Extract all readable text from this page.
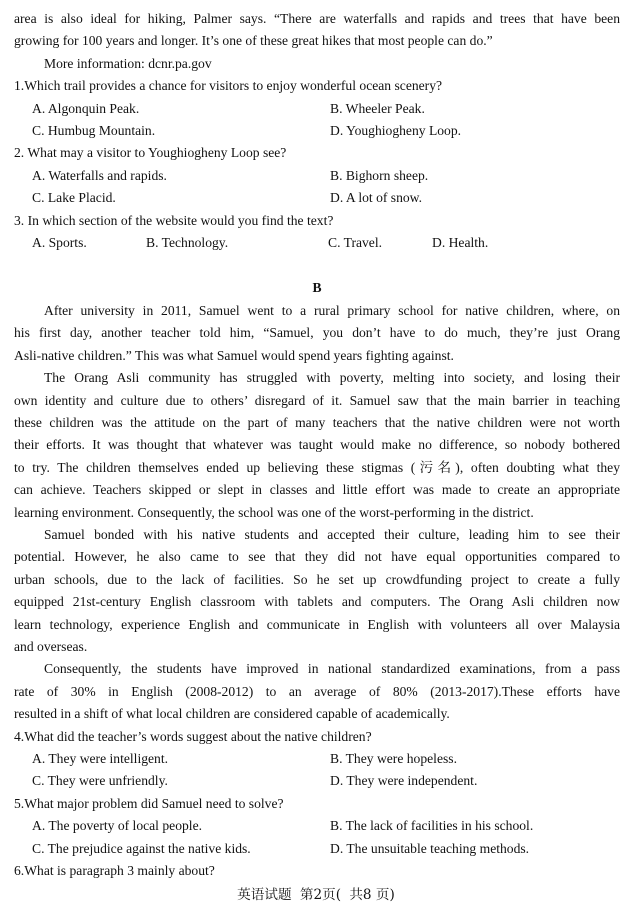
area is also ideal for hiking, Palmer says. “There are waterfalls and rapids and trees that have been
growing for 100 years and longer. It’s one of these great hikes that most people can do.”
More information: dcnr.pa.gov
1.Which trail provides a chance for visitors to enjoy wonderful ocean scenery?
A. Algonquin Peak.	B. Wheeler Peak.
C. Humbug Mountain.	D. Youghiogheny Loop.
2. What may a visitor to Youghiogheny Loop see?
A. Waterfalls and rapids.	B. Bighorn sheep.
C. Lake Placid.	D. A lot of snow.
3. In which section of the website would you find the text?
A. Sports.	B. Technology.	C. Travel.	D. Health.
B
After university in 2011, Samuel went to a rural primary school for native children, where, on
his first day, another teacher told him, “Samuel, you don’t have to do much, they’re just Orang
Asli-native children.” This was what Samuel would spend years fighting against.
The Orang Asli community has struggled with poverty, melting into society, and losing their
own identity and culture due to others’ disregard of it. Samuel saw that the main barrier in teaching
these children was the attitude on the part of many teachers that the native children were not worth
their efforts. It was thought that whatever was taught would make no difference, so nobody bothered
to try. The children themselves ended up believing these stigmas (污名), often doubting what they
can achieve. Teachers skipped or slept in classes and little effort was made to create an appropriate
learning environment. Consequently, the school was one of the worst-performing in the district.
Samuel bonded with his native students and accepted their culture, leading him to see their
potential. However, he also came to see that they did not have equal opportunities compared to
urban schools, due to the lack of facilities. So he set up crowdfunding project to create a fully
equipped 21st-century English classroom with tablets and computers. The Orang Asli children now
learn technology, experience English and communicate in English with volunteers all over Malaysia
and overseas.
Consequently, the students have improved in national standardized examinations, from a pass
rate of 30% in English (2008-2012) to an average of 80% (2013-2017).These efforts have
resulted in a shift of what local children are considered capable of academically.
4.What did the teacher’s words suggest about the native children?
A. They were intelligent.	B. They were hopeless.
C. They were unfriendly.	D. They were independent.
5.What major problem did Samuel need to solve?
A. The poverty of local people.	B. The lack of facilities in his school.
C. The prejudice against the native kids.	D. The unsuitable teaching methods.
6.What is paragraph 3 mainly about?
英语试题 第2页( 共8 页)
